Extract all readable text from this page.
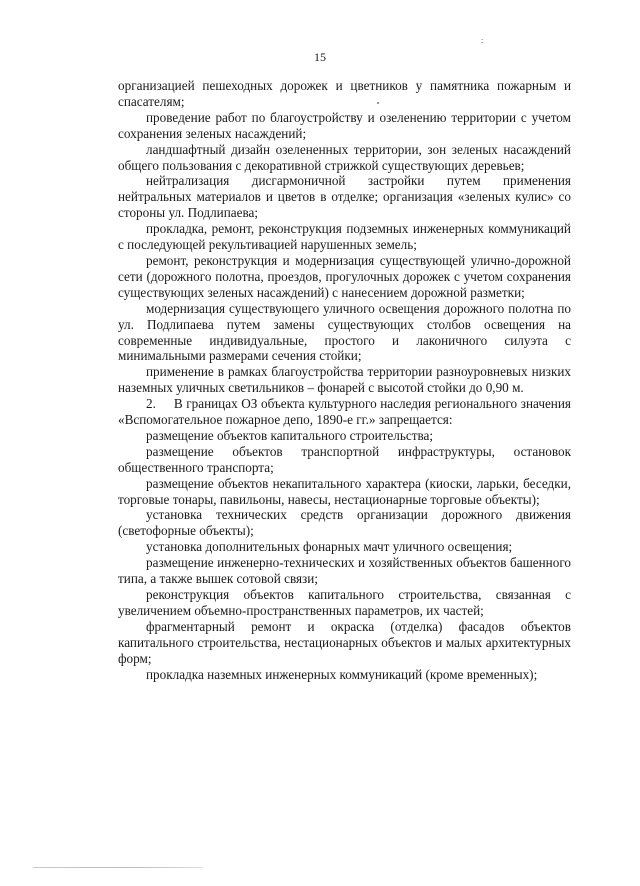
:
15

организацией пешеходных дорожек и цветников у памятника пожарным и спасателям;

проведение работ по благоустройству и озеленению территории с учетом сохранения зеленых насаждений;

ландшафтный дизайн озелененных территории, зон зеленых насаждений общего пользования с декоративной стрижкой существующих деревьев;

нейтрализация дисгармоничной застройки путем применения нейтральных материалов и цветов в отделке; организация «зеленых кулис» со стороны ул. Подлипаева;

прокладка, ремонт, реконструкция подземных инженерных коммуникаций с последующей рекультивацией нарушенных земель;

ремонт, реконструкция и модернизация существующей улично-дорожной сети (дорожного полотна, проездов, прогулочных дорожек с учетом сохранения существующих зеленых насаждений) с нанесением дорожной разметки;

модернизация существующего уличного освещения дорожного полотна по ул. Подлипаева путем замены существующих столбов освещения на современные индивидуальные, простого и лаконичного силуэта с минимальными размерами сечения стойки;

применение в рамках благоустройства территории разноуровневых низких наземных уличных светильников – фонарей с высотой стойки до 0,90 м.

2.     В границах ОЗ объекта культурного наследия регионального значения «Вспомогательное пожарное депо, 1890-е гг.» запрещается:

размещение объектов капитального строительства;

размещение объектов транспортной инфраструктуры, остановок общественного транспорта;

размещение объектов некапитального характера (киоски, ларьки, беседки, торговые тонары, павильоны, навесы, нестационарные торговые объекты);

установка технических средств организации дорожного движения (светофорные объекты);

установка дополнительных фонарных мачт уличного освещения;

размещение инженерно-технических и хозяйственных объектов башенного типа, а также вышек сотовой связи;

реконструкция объектов капитального строительства, связанная с увеличением объемно-пространственных параметров, их частей;

фрагментарный ремонт и окраска (отделка) фасадов объектов капитального строительства, нестационарных объектов и малых архитектурных форм;

прокладка наземных инженерных коммуникаций (кроме временных);
